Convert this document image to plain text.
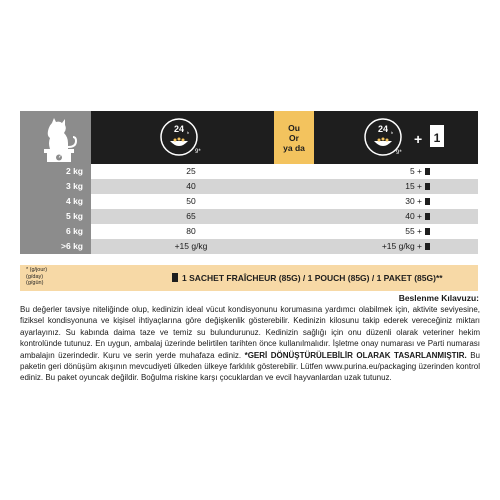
24 h
9*
Ou
Or
ya da
24 h
9*
+ 1
2 kg	25	5 +
3 kg	40	15 +
4 kg	50	30 +
5 kg	65	40 +
6 kg	80	55 +
>6 kg	+15 g/kg	+15 g/kg +
* (g/jour)
(g/day)
(g/gün)	1 SACHET FRAÎCHEUR (85G) / 1 POUCH (85G) / 1 PAKET (85G)**
Beslenme Kılavuzu:
Bu değerler tavsiye niteliğinde olup, kedinizin ideal vücut kondisyonunu korumasına yardımcı olabilmek için, aktivite seviyesine, fiziksel kondisyonuna ve kişisel ihtiyaçlarına göre değişkenlik gösterebilir. Kedinizin kilosunu takip ederek vereceğiniz miktarı ayarlayınız. Su kabında daima taze ve temiz su bulundurunuz. Kedinizin sağlığı için onu düzenli olarak veteriner hekim kontrolünde tutunuz. En uygun, ambalaj üzerinde belirtilen tarihten önce kullanılmalıdır. İşletme onay numarası ve Parti numarası ambalajın üzerindedir. Kuru ve serin yerde muhafaza ediniz. *GERİ DÖNÜŞTÜRÜLEBİLİR OLARAK TASARLANMIŞTIR. Bu paketin geri dönüşüm akışının mevcudiyeti ülkeden ülkeye farklılık gösterebilir. Lütfen www.purina.eu/packaging üzerinden kontrol ediniz. Bu paket oyuncak değildir. Boğulma riskine karşı çocuklardan ve evcil hayvanlardan uzak tutunuz.
